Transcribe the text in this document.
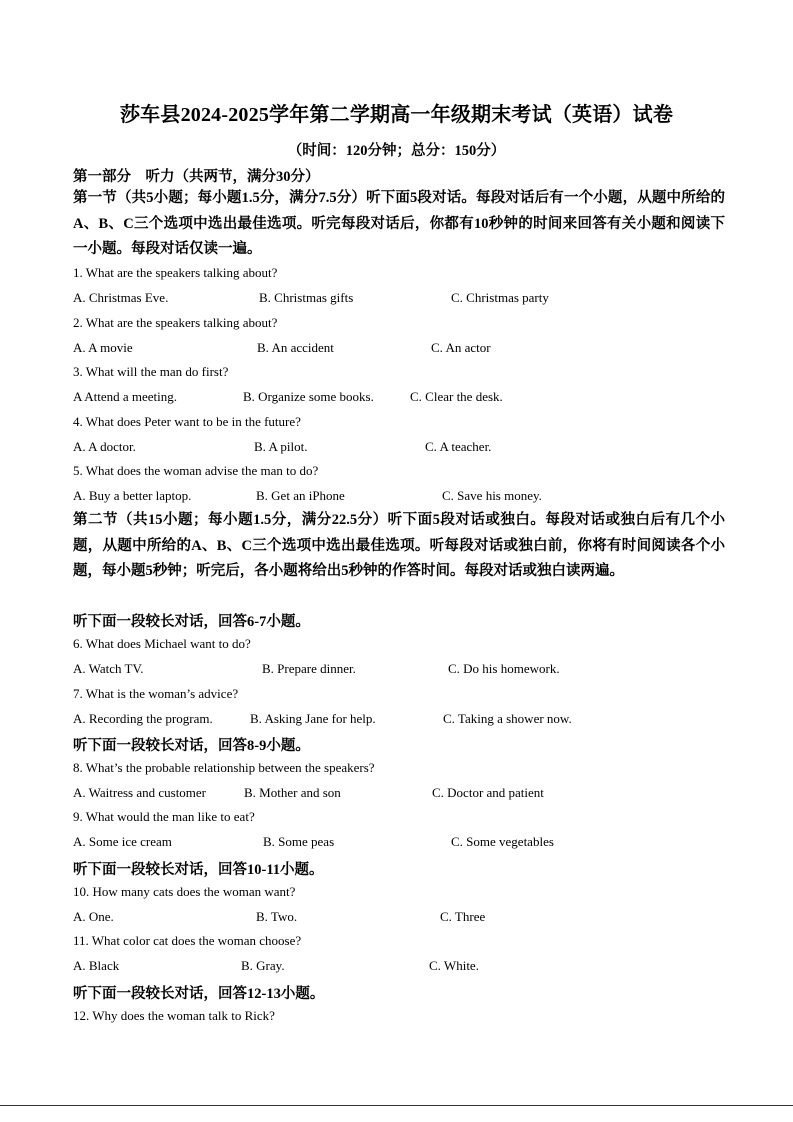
莎车县2024-2025学年第二学期高一年级期末考试（英语）试卷
（时间：120分钟；总分：150分）
第一部分　听力（共两节，满分30分）
第一节（共5小题；每小题1.5分，满分7.5分）听下面5段对话。每段对话后有一个小题，从题中所给的A、B、C三个选项中选出最佳选项。听完每段对话后，你都有10秒钟的时间来回答有关小题和阅读下一小题。每段对话仅读一遍。
1. What are the speakers talking about?
A. Christmas Eve.	B. Christmas gifts	C. Christmas party
2. What are the speakers talking about?
A. A movie	B. An accident	C. An actor
3. What will the man do first?
A Attend a meeting.	B. Organize some books.	C. Clear the desk.
4. What does Peter want to be in the future?
A. A doctor.	B. A pilot.	C. A teacher.
5. What does the woman advise the man to do?
A. Buy a better laptop.	B. Get an iPhone	C. Save his money.
第二节（共15小题；每小题1.5分，满分22.5分）听下面5段对话或独白。每段对话或独白后有几个小题，从题中所给的A、B、C三个选项中选出最佳选项。听每段对话或独白前，你将有时间阅读各个小题，每小题5秒钟；听完后，各小题将给出5秒钟的作答时间。每段对话或独白读两遍。
听下面一段较长对话，回答6-7小题。
6. What does Michael want to do?
A. Watch TV.	B. Prepare dinner.	C. Do his homework.
7. What is the woman’s advice?
A. Recording the program.	B. Asking Jane for help.	C. Taking a shower now.
听下面一段较长对话，回答8-9小题。
8. What’s the probable relationship between the speakers?
A. Waitress and customer	B. Mother and son	C. Doctor and patient
9. What would the man like to eat?
A. Some ice cream	B. Some peas	C. Some vegetables
听下面一段较长对话，回答10-11小题。
10. How many cats does the woman want?
A. One.	B. Two.	C. Three
11. What color cat does the woman choose?
A. Black	B. Gray.	C. White.
听下面一段较长对话，回答12-13小题。
12. Why does the woman talk to Rick?
